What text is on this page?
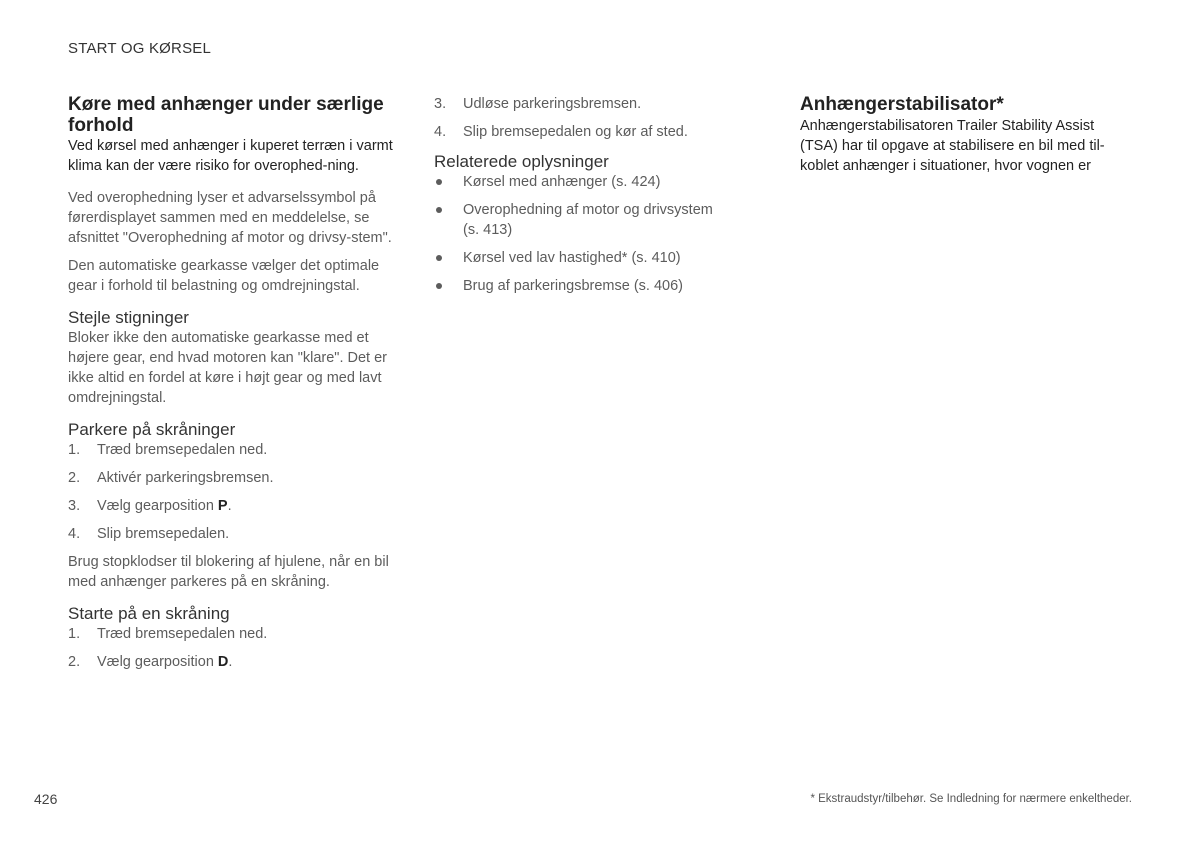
START OG KØRSEL
Køre med anhænger under særlige forhold

Ved kørsel med anhænger i kuperet terræn i varmt klima kan der være risiko for overophed-ning.

Ved overophedning lyser et advarselssymbol på førerdisplayet sammen med en meddelelse, se afsnittet "Overophedning af motor og drivsy-stem".

Den automatiske gearkasse vælger det optimale gear i forhold til belastning og omdrejningstal.

Stejle stigninger

Bloker ikke den automatiske gearkasse med et højere gear, end hvad motoren kan "klare". Det er ikke altid en fordel at køre i højt gear og med lavt omdrejningstal.

Parkere på skråninger
1. Træd bremsepedalen ned.
2. Aktivér parkeringsbremsen.
3. Vælg gearposition P.
4. Slip bremsepedalen.

Brug stopklodser til blokering af hjulene, når en bil med anhænger parkeres på en skråning.

Starte på en skråning
1. Træd bremsepedalen ned.
2. Vælg gearposition D.
3. Udløse parkeringsbremsen.
4. Slip bremsepedalen og kør af sted.
Relaterede oplysninger
Kørsel med anhænger (s. 424)
Overophedning af motor og drivsystem (s. 413)
Kørsel ved lav hastighed* (s. 410)
Brug af parkeringsbremse (s. 406)
Anhængerstabilisator*

Anhængerstabilisatoren Trailer Stability Assist (TSA) har til opgave at stabilisere en bil med til-koblet anhænger i situationer, hvor vognen er

426	* Ekstraudstyr/tilbehør. Se Indledning for nærmere enkeltheder.
